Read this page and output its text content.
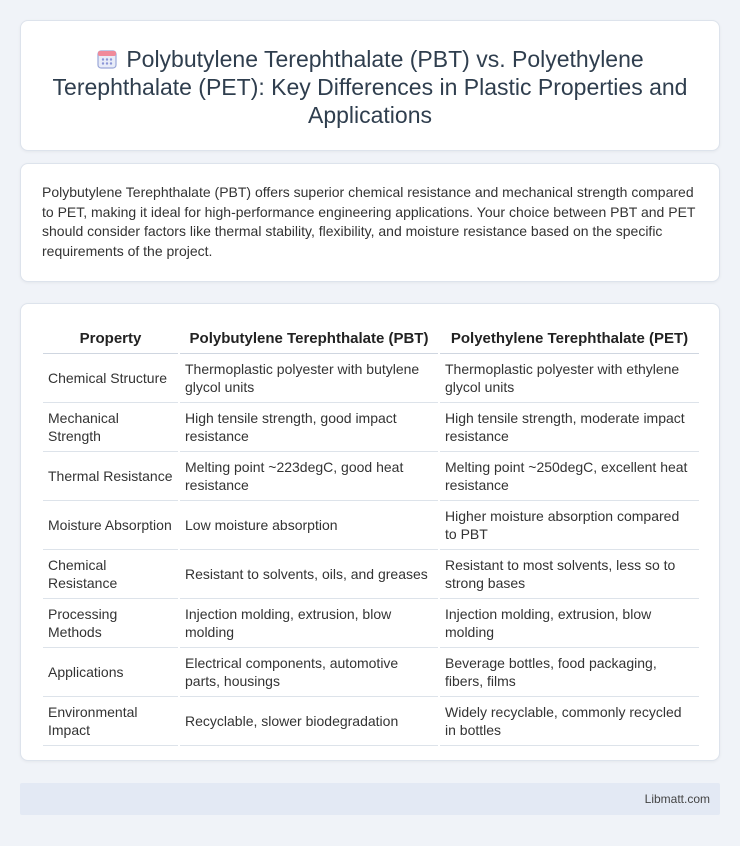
Polybutylene Terephthalate (PBT) vs. Polyethylene Terephthalate (PET): Key Differences in Plastic Properties and Applications

Polybutylene Terephthalate (PBT) offers superior chemical resistance and mechanical strength compared to PET, making it ideal for high-performance engineering applications. Your choice between PBT and PET should consider factors like thermal stability, flexibility, and moisture resistance based on the specific requirements of the project.

Property	Polybutylene Terephthalate (PBT)	Polyethylene Terephthalate (PET)
Chemical Structure	Thermoplastic polyester with butylene glycol units	Thermoplastic polyester with ethylene glycol units
Mechanical Strength	High tensile strength, good impact resistance	High tensile strength, moderate impact resistance
Thermal Resistance	Melting point ~223degC, good heat resistance	Melting point ~250degC, excellent heat resistance
Moisture Absorption	Low moisture absorption	Higher moisture absorption compared to PBT
Chemical Resistance	Resistant to solvents, oils, and greases	Resistant to most solvents, less so to strong bases
Processing Methods	Injection molding, extrusion, blow molding	Injection molding, extrusion, blow molding
Applications	Electrical components, automotive parts, housings	Beverage bottles, food packaging, fibers, films
Environmental Impact	Recyclable, slower biodegradation	Widely recyclable, commonly recycled in bottles
Libmatt.com
